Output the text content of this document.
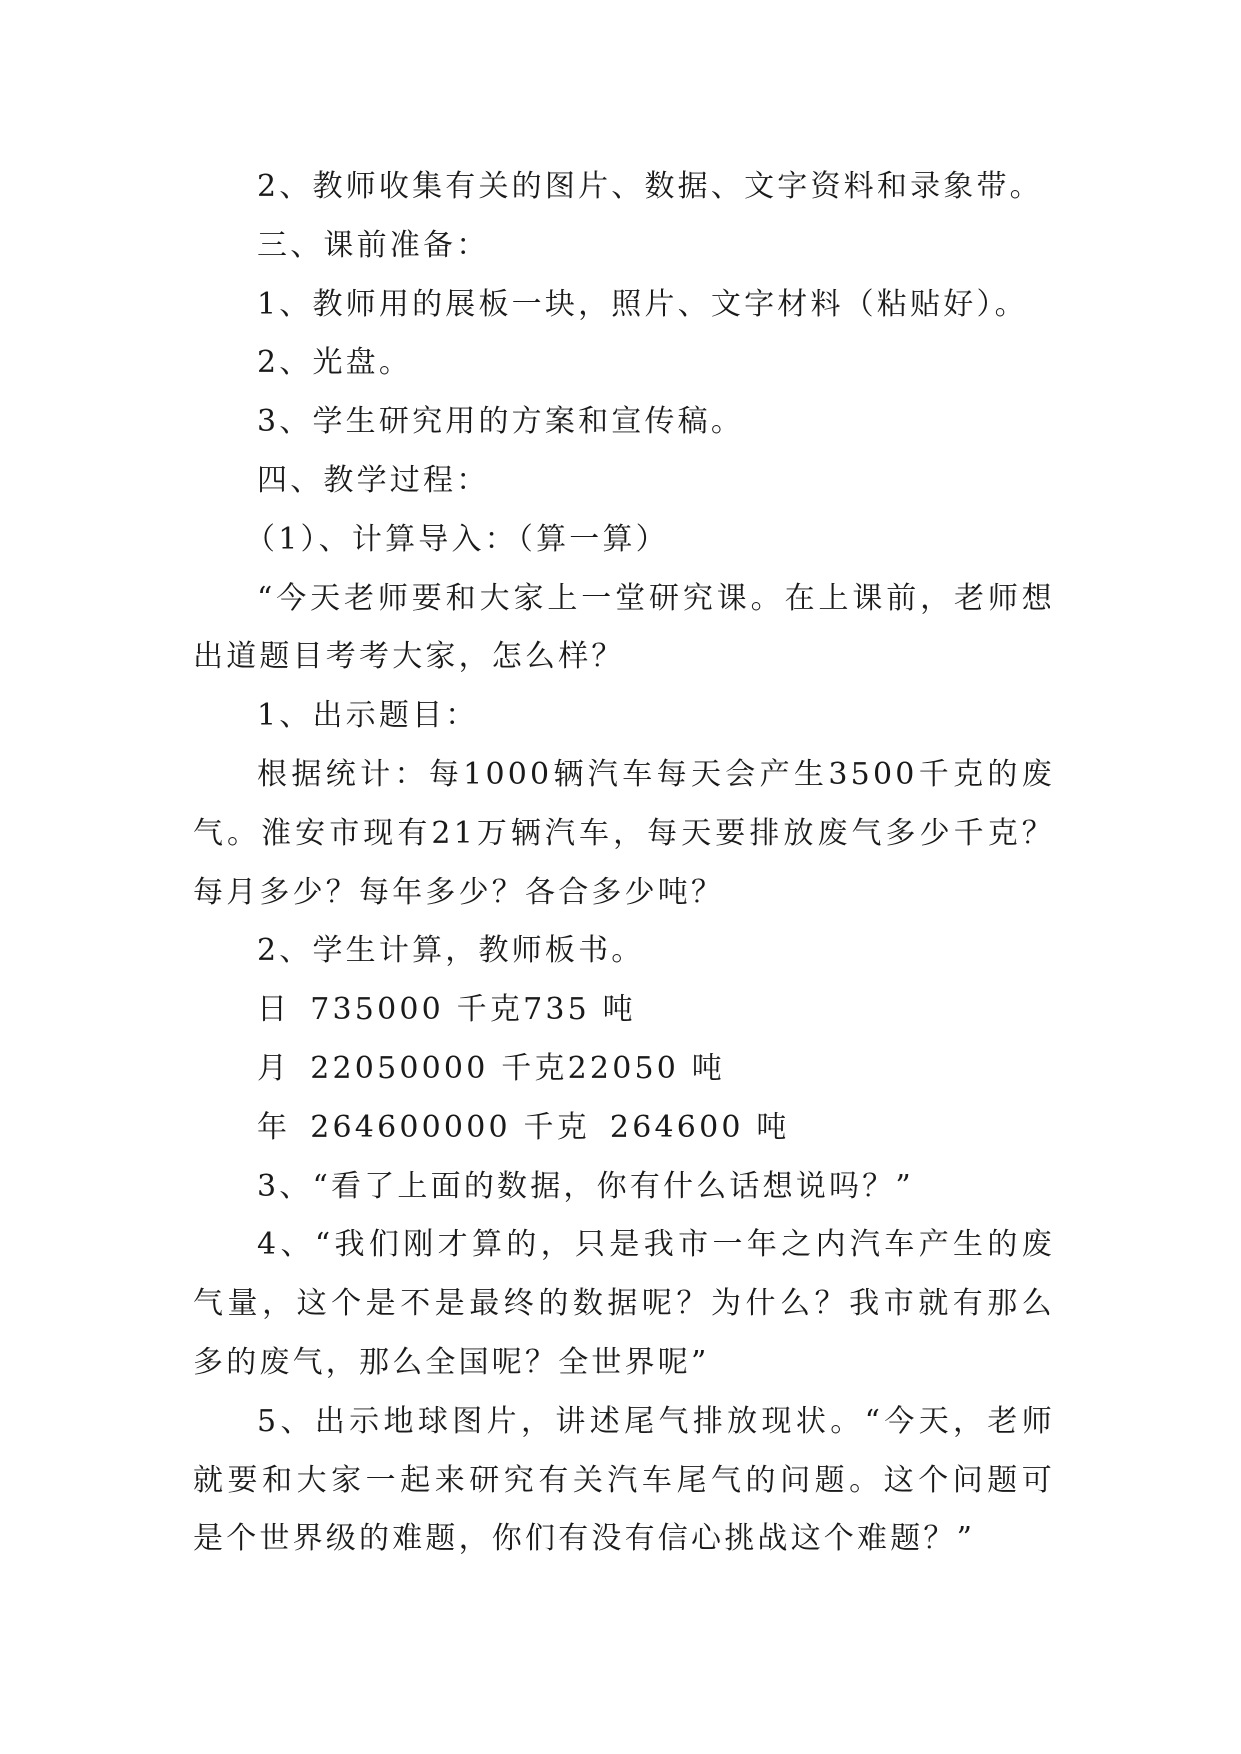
2、教师收集有关的图片、数据、文字资料和录象带。

三、课前准备：

1、教师用的展板一块，照片、文字材料（粘贴好）。

2、光盘。

3、学生研究用的方案和宣传稿。

四、教学过程：

（1）、计算导入：（算一算）

“今天老师要和大家上一堂研究课。在上课前，老师想出道题目考考大家，怎么样？

1、出示题目：

根据统计：每1000辆汽车每天会产生3500千克的废气。淮安市现有21万辆汽车，每天要排放废气多少千克？每月多少？每年多少？各合多少吨？

2、学生计算，教师板书。

日 735000 千克735 吨

月 22050000 千克22050 吨

年 264600000 千克 264600 吨

3、“看了上面的数据，你有什么话想说吗？”

4、“我们刚才算的，只是我市一年之内汽车产生的废气量，这个是不是最终的数据呢？为什么？我市就有那么多的废气，那么全国呢？全世界呢”

5、出示地球图片，讲述尾气排放现状。“今天，老师就要和大家一起来研究有关汽车尾气的问题。这个问题可是个世界级的难题，你们有没有信心挑战这个难题？”
